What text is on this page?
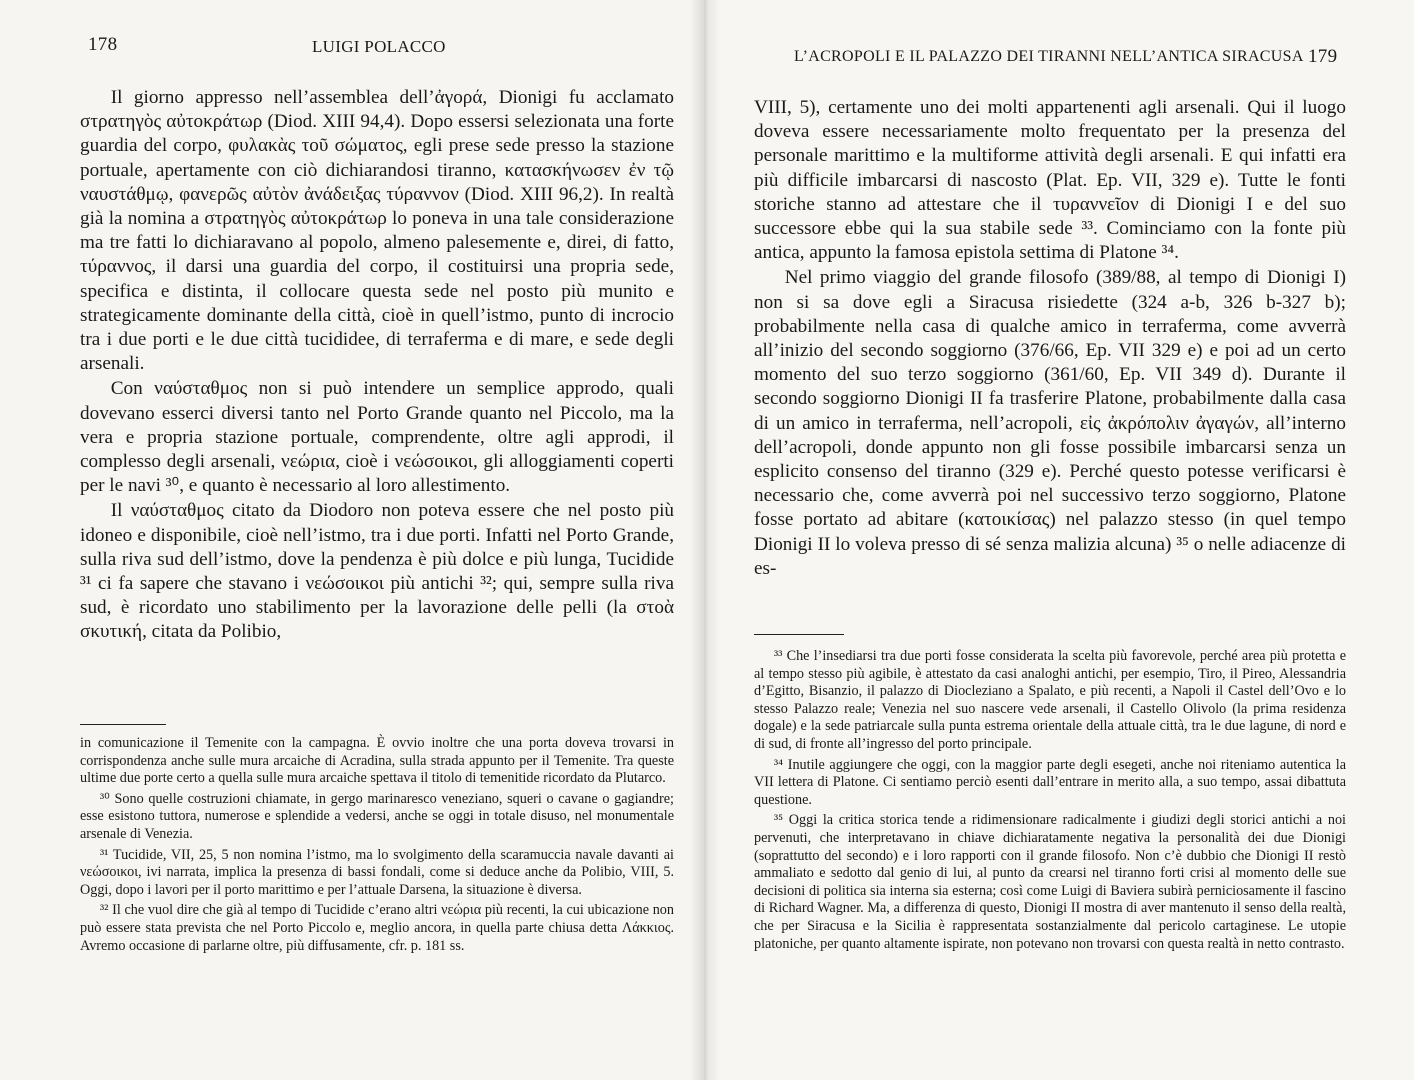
178	LUIGI POLACCO

Il giorno appresso nell’assemblea dell’ἀγορά, Dionigi fu acclamato στρατηγὸς αὐτοκράτωρ (Diod. XIII 94,4). Dopo essersi selezionata una forte guardia del corpo, φυλακὰς τοῦ σώματος, egli prese sede presso la stazione portuale, apertamente con ciò dichiarandosi tiranno, κατασκήνωσεν ἐν τῷ ναυστάθμῳ, φανερῶς αὐτὸν ἀνάδειξας τύραννον (Diod. XIII 96,2). In realtà già la nomina a στρατηγὸς αὐτοκράτωρ lo poneva in una tale considerazione ma tre fatti lo dichiaravano al popolo, almeno palesemente e, direi, di fatto, τύραννος, il darsi una guardia del corpo, il costituirsi una propria sede, specifica e distinta, il collocare questa sede nel posto più munito e strategicamente dominante della città, cioè in quell’istmo, punto di incrocio tra i due porti e le due città tucididee, di terraferma e di mare, e sede degli arsenali.

Con ναύσταθμος non si può intendere un semplice approdo, quali dovevano esserci diversi tanto nel Porto Grande quanto nel Piccolo, ma la vera e propria stazione portuale, comprendente, oltre agli approdi, il complesso degli arsenali, νεώρια, cioè i νεώσοικοι, gli alloggiamenti coperti per le navi ³⁰, e quanto è necessario al loro allestimento.

Il ναύσταθμος citato da Diodoro non poteva essere che nel posto più idoneo e disponibile, cioè nell’istmo, tra i due porti. Infatti nel Porto Grande, sulla riva sud dell’istmo, dove la pendenza è più dolce e più lunga, Tucidide ³¹ ci fa sapere che stavano i νεώσοικοι più antichi ³²; qui, sempre sulla riva sud, è ricordato uno stabilimento per la lavorazione delle pelli (la στοὰ σκυτική, citata da Polibio,

in comunicazione il Temenite con la campagna. È ovvio inoltre che una porta doveva trovarsi in corrispondenza anche sulle mura arcaiche di Acradina, sulla strada appunto per il Temenite. Tra queste ultime due porte certo a quella sulle mura arcaiche spettava il titolo di temenitide ricordato da Plutarco.

³⁰ Sono quelle costruzioni chiamate, in gergo marinaresco veneziano, squeri o cavane o gagiandre; esse esistono tuttora, numerose e splendide a vedersi, anche se oggi in totale disuso, nel monumentale arsenale di Venezia.

³¹ Tucidide, VII, 25, 5 non nomina l’istmo, ma lo svolgimento della scaramuccia navale davanti ai νεώσοικοι, ivi narrata, implica la presenza di bassi fondali, come si deduce anche da Polibio, VIII, 5. Oggi, dopo i lavori per il porto marittimo e per l’attuale Darsena, la situazione è diversa.

³² Il che vuol dire che già al tempo di Tucidide c’erano altri νεώρια più recenti, la cui ubicazione non può essere stata prevista che nel Porto Piccolo e, meglio ancora, in quella parte chiusa detta Λάκκιος. Avremo occasione di parlarne oltre, più diffusamente, cfr. p. 181 ss.

L’ACROPOLI E IL PALAZZO DEI TIRANNI NELL’ANTICA SIRACUSA 179

VIII, 5), certamente uno dei molti appartenenti agli arsenali. Qui il luogo doveva essere necessariamente molto frequentato per la presenza del personale marittimo e la multiforme attività degli arsenali. E qui infatti era più difficile imbarcarsi di nascosto (Plat. Ep. VII, 329 e). Tutte le fonti storiche stanno ad attestare che il τυραννεῖον di Dionigi I e del suo successore ebbe qui la sua stabile sede ³³. Cominciamo con la fonte più antica, appunto la famosa epistola settima di Platone ³⁴.

Nel primo viaggio del grande filosofo (389/88, al tempo di Dionigi I) non si sa dove egli a Siracusa risiedette (324 a-b, 326 b-327 b); probabilmente nella casa di qualche amico in terraferma, come avverrà all’inizio del secondo soggiorno (376/66, Ep. VII 329 e) e poi ad un certo momento del suo terzo soggiorno (361/60, Ep. VII 349 d). Durante il secondo soggiorno Dionigi II fa trasferire Platone, probabilmente dalla casa di un amico in terraferma, nell’acropoli, εἰς ἀκρόπολιν ἀγαγών, all’interno dell’acropoli, donde appunto non gli fosse possibile imbarcarsi senza un esplicito consenso del tiranno (329 e). Perché questo potesse verificarsi è necessario che, come avverrà poi nel successivo terzo soggiorno, Platone fosse portato ad abitare (κατοικίσας) nel palazzo stesso (in quel tempo Dionigi II lo voleva presso di sé senza malizia alcuna) ³⁵ o nelle adiacenze di es-

³³ Che l’insediarsi tra due porti fosse considerata la scelta più favorevole, perché area più protetta e al tempo stesso più agibile, è attestato da casi analoghi antichi, per esempio, Tiro, il Pireo, Alessandria d’Egitto, Bisanzio, il palazzo di Diocleziano a Spalato, e più recenti, a Napoli il Castel dell’Ovo e lo stesso Palazzo reale; Venezia nel suo nascere vede arsenali, il Castello Olivolo (la prima residenza dogale) e la sede patriarcale sulla punta estrema orientale della attuale città, tra le due lagune, di nord e di sud, di fronte all’ingresso del porto principale.

³⁴ Inutile aggiungere che oggi, con la maggior parte degli esegeti, anche noi riteniamo autentica la VII lettera di Platone. Ci sentiamo perciò esenti dall’entrare in merito alla, a suo tempo, assai dibattuta questione.

³⁵ Oggi la critica storica tende a ridimensionare radicalmente i giudizi degli storici antichi a noi pervenuti, che interpretavano in chiave dichiaratamente negativa la personalità dei due Dionigi (soprattutto del secondo) e i loro rapporti con il grande filosofo. Non c’è dubbio che Dionigi II restò ammaliato e sedotto dal genio di lui, al punto da crearsi nel tiranno forti crisi al momento delle sue decisioni di politica sia interna sia esterna; così come Luigi di Baviera subirà perniciosamente il fascino di Richard Wagner. Ma, a differenza di questo, Dionigi II mostra di aver mantenuto il senso della realtà, che per Siracusa e la Sicilia è rappresentata sostanzialmente dal pericolo cartaginese. Le utopie platoniche, per quanto altamente ispirate, non potevano non trovarsi con questa realtà in netto contrasto.
